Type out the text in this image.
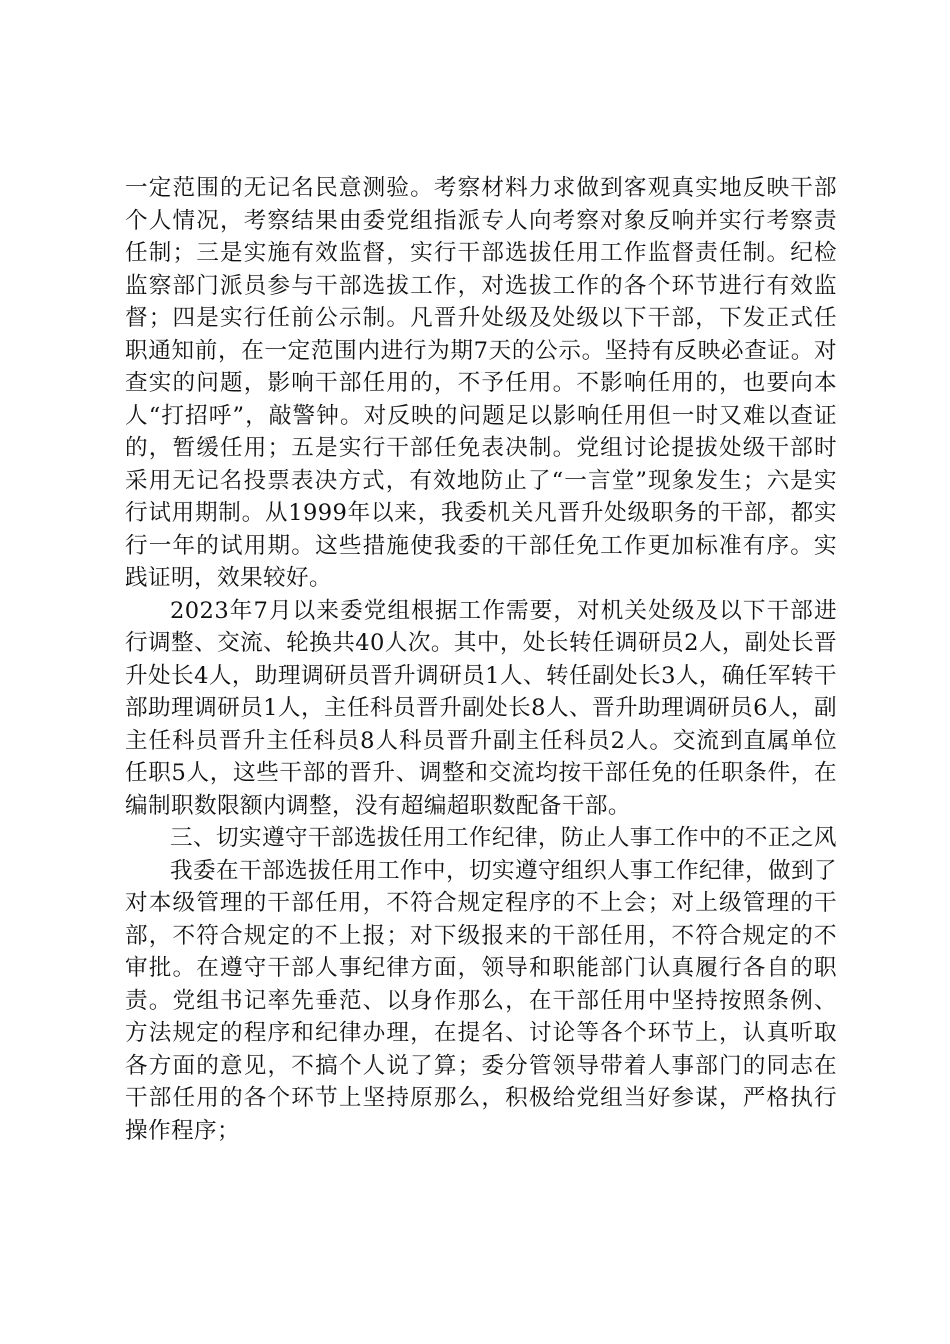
一定范围的无记名民意测验。考察材料力求做到客观真实地反映干部个人情况，考察结果由委党组指派专人向考察对象反响并实行考察责任制；三是实施有效监督，实行干部选拔任用工作监督责任制。纪检监察部门派员参与干部选拔工作，对选拔工作的各个环节进行有效监督；四是实行任前公示制。凡晋升处级及处级以下干部，下发正式任职通知前，在一定范围内进行为期7天的公示。坚持有反映必查证。对查实的问题，影响干部任用的，不予任用。不影响任用的，也要向本人“打招呼”，敲警钟。对反映的问题足以影响任用但一时又难以查证的，暂缓任用；五是实行干部任免表决制。党组讨论提拔处级干部时采用无记名投票表决方式，有效地防止了“一言堂”现象发生；六是实行试用期制。从1999年以来，我委机关凡晋升处级职务的干部，都实行一年的试用期。这些措施使我委的干部任免工作更加标准有序。实践证明，效果较好。

2023年7月以来委党组根据工作需要，对机关处级及以下干部进行调整、交流、轮换共40人次。其中，处长转任调研员2人，副处长晋升处长4人，助理调研员晋升调研员1人、转任副处长3人，确任军转干部助理调研员1人，主任科员晋升副处长8人、晋升助理调研员6人，副主任科员晋升主任科员8人科员晋升副主任科员2人。交流到直属单位任职5人，这些干部的晋升、调整和交流均按干部任免的任职条件，在编制职数限额内调整，没有超编超职数配备干部。

三、切实遵守干部选拔任用工作纪律，防止人事工作中的不正之风

我委在干部选拔任用工作中，切实遵守组织人事工作纪律，做到了对本级管理的干部任用，不符合规定程序的不上会；对上级管理的干部，不符合规定的不上报；对下级报来的干部任用，不符合规定的不审批。在遵守干部人事纪律方面，领导和职能部门认真履行各自的职责。党组书记率先垂范、以身作那么，在干部任用中坚持按照条例、方法规定的程序和纪律办理，在提名、讨论等各个环节上，认真听取各方面的意见，不搞个人说了算；委分管领导带着人事部门的同志在干部任用的各个环节上坚持原那么，积极给党组当好参谋，严格执行操作程序；
